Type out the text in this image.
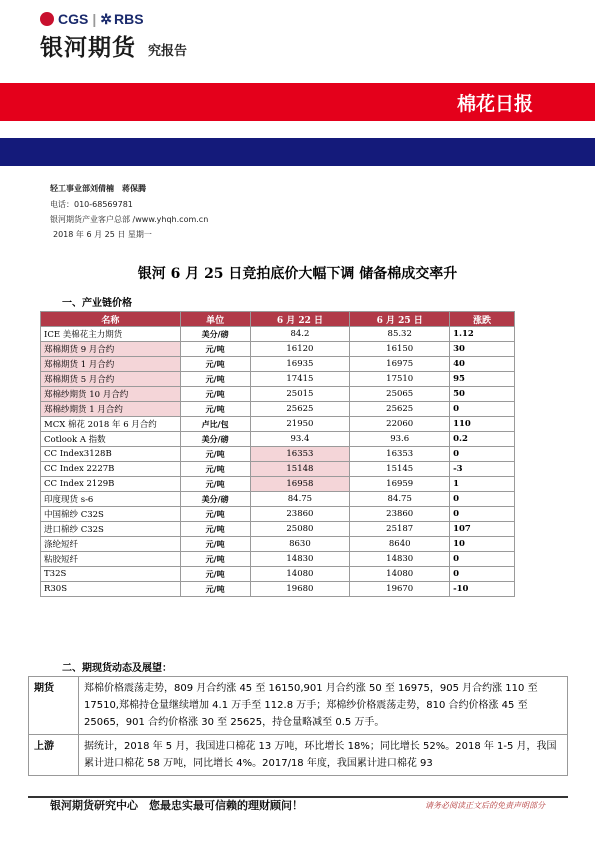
CGS | ✲ RBS
银河期货 究报告
棉花日报
轻工事业部刘倩楠　蒋保腾
电话：010-68569781
银河期货产业客户总部 /www.yhqh.com.cn
2018 年 6 月 25 日 星期一
银河 6 月 25 日竞拍底价大幅下调 储备棉成交率升
一、产业链价格
名称	单位	6 月 22 日	6 月 25 日	涨跌
ICE 美棉花主力期货	美分/磅	84.2	85.32	1.12
郑棉期货 9 月合约	元/吨	16120	16150	30
郑棉期货 1 月合约	元/吨	16935	16975	40
郑棉期货 5 月合约	元/吨	17415	17510	95
郑棉纱期货 10 月合约	元/吨	25015	25065	50
郑棉纱期货 1 月合约	元/吨	25625	25625	0
MCX 棉花 2018 年 6 月合约	卢比/包	21950	22060	110
Cotlook A 指数	美分/磅	93.4	93.6	0.2
CC Index3128B	元/吨	16353	16353	0
CC Index 2227B	元/吨	15148	15145	-3
CC Index 2129B	元/吨	16958	16959	1
印度现货 s-6	美分/磅	84.75	84.75	0
中国棉纱 C32S	元/吨	23860	23860	0
进口棉纱 C32S	元/吨	25080	25187	107
涤纶短纤	元/吨	8630	8640	10
粘胶短纤	元/吨	14830	14830	0
T32S	元/吨	14080	14080	0
R30S	元/吨	19680	19670	-10
二、期现货动态及展望：
期货	郑棉价格震荡走势，809 月合约涨 45 至 16150,901 月合约涨 50 至 16975，905 月合约涨 110 至 17510,郑棉持仓量继续增加 4.1 万手至 112.8 万手；郑棉纱价格震荡走势，810 合约价格涨 45 至 25065，901 合约价格涨 30 至 25625，持仓量略减至 0.5 万手。
上游	据统计，2018 年 5 月，我国进口棉花 13 万吨，环比增长 18%；同比增长 52%。2018 年 1-5 月，我国累计进口棉花 58 万吨，同比增长 4%。2017/18 年度，我国累计进口棉花 93
银河期货研究中心　您最忠实最可信赖的理财顾问！	请务必阅读正文后的免责声明部分
